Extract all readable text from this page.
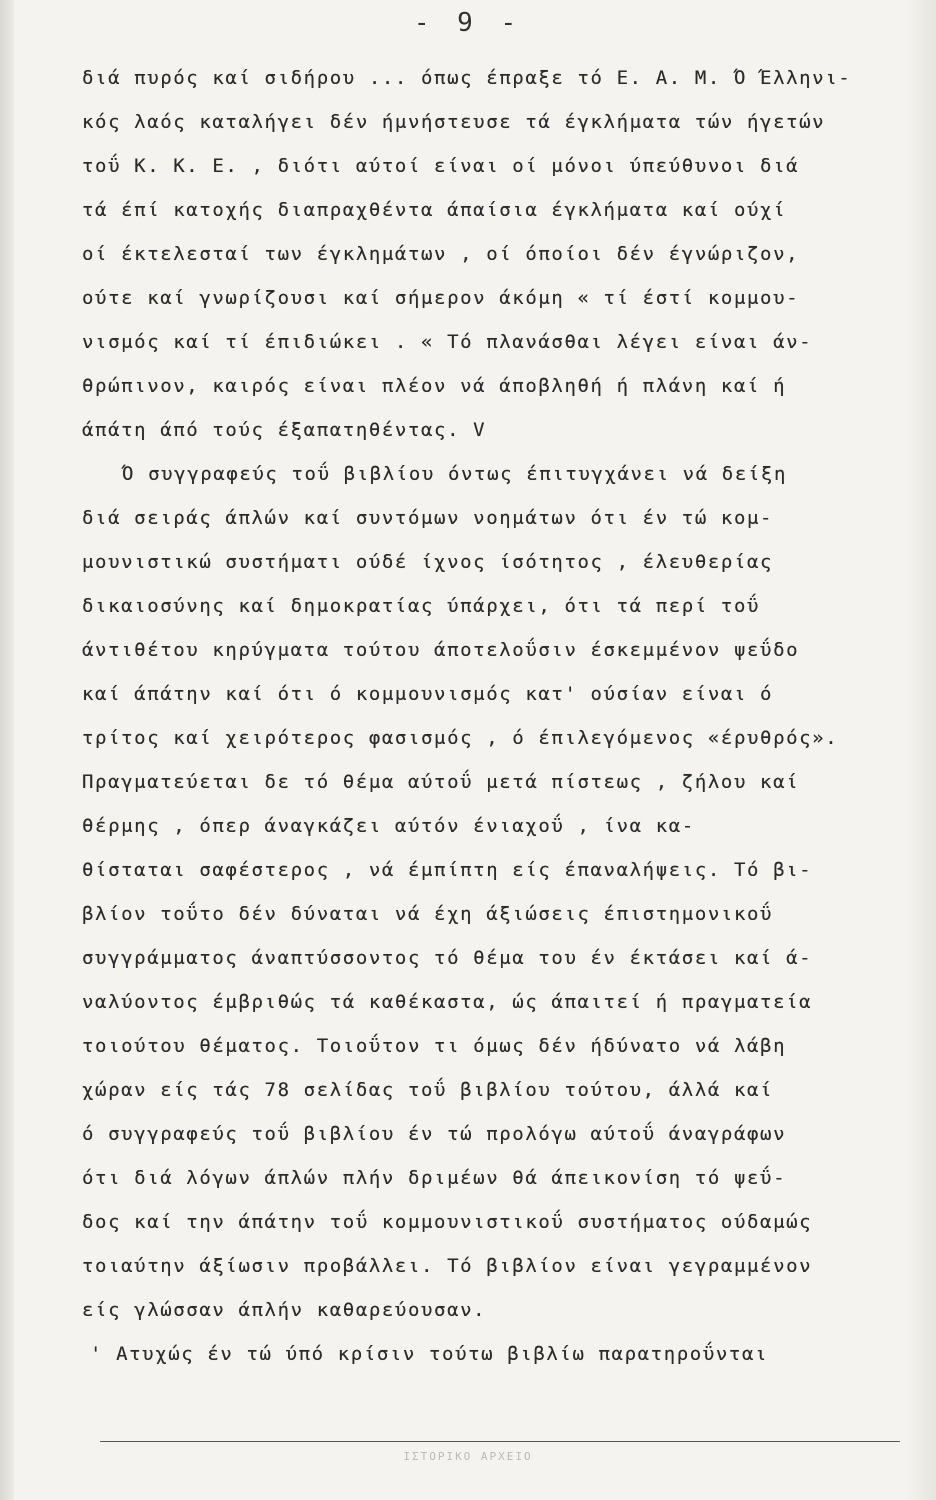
- 9 -
διά πυρός καί σιδήρου ... όπως έπραξε τό Ε. Α. Μ. Ό Έλληνι-
κός λαός καταλήγει δέν ήμνήστευσε τά έγκλήματα τών ήγετών
τοΰ Κ. Κ. Ε. , διότι αύτοί είναι οί μόνοι ύπεύθυνοι διά
τά έπί κατοχής διαπραχθέντα άπαίσια έγκλήματα καί ούχί
οί έκτελεσταί των έγκλημάτων , οί όποίοι δέν έγνώριζον,
ούτε καί γνωρίζουσι καί σήμερον άκόμη « τί έστί κομμου-
νισμός καί τί έπιδιώκει . « Τό πλανάσθαι λέγει είναι άν-
θρώπινον, καιρός είναι πλέον νά άποβληθή ή πλάνη καί ή
άπάτη άπό τούς έξαπατηθέντας. V
Ό συγγραφεύς τοΰ βιβλίου όντως έπιτυγχάνει νά δείξη
διά σειράς άπλών καί συντόμων νοημάτων ότι έν τώ κομ-
μουνιστικώ συστήματι ούδέ ίχνος ίσότητος , έλευθερίας
δικαιοσύνης καί δημοκρατίας ύπάρχει, ότι τά περί τοΰ
άντιθέτου κηρύγματα τούτου άποτελοΰσιν έσκεμμένον ψεΰδο
καί άπάτην καί ότι ό κομμουνισμός κατ' ούσίαν είναι ό
τρίτος καί χειρότερος φασισμός , ό έπιλεγόμενος «έρυθρός».
Πραγματεύεται δε τό θέμα αύτοΰ μετά πίστεως , ζήλου καί
θέρμης , όπερ άναγκάζει αύτόν ένιαχοΰ , ίνα κα-
θίσταται σαφέστερος , νά έμπίπτη είς έπαναλήψεις. Τό βι-
βλίον τοΰτο δέν δύναται νά έχη άξιώσεις έπιστημονικοΰ
συγγράμματος άναπτύσσοντος τό θέμα του έν έκτάσει καί ά-
ναλύοντος έμβριθώς τά καθέκαστα, ώς άπαιτεί ή πραγματεία
τοιούτου θέματος. Τοιοΰτον τι όμως δέν ήδύνατο νά λάβη
χώραν είς τάς 78 σελίδας τοΰ βιβλίου τούτου, άλλά καί
ό συγγραφεύς τοΰ βιβλίου έν τώ προλόγω αύτοΰ άναγράφων
ότι διά λόγων άπλών πλήν δριμέων θά άπεικονίση τό ψεΰ-
δος καί την άπάτην τοΰ κομμουνιστικοΰ συστήματος ούδαμώς
τοιαύτην άξίωσιν προβάλλει. Τό βιβλίον είναι γεγραμμένον
είς γλώσσαν άπλήν καθαρεύουσαν.
' Ατυχώς έν τώ ύπό κρίσιν τούτω βιβλίω παρατηροΰνται
ΙΣΤΟΡΙΚΟ ΑΡΧΕΙΟ
